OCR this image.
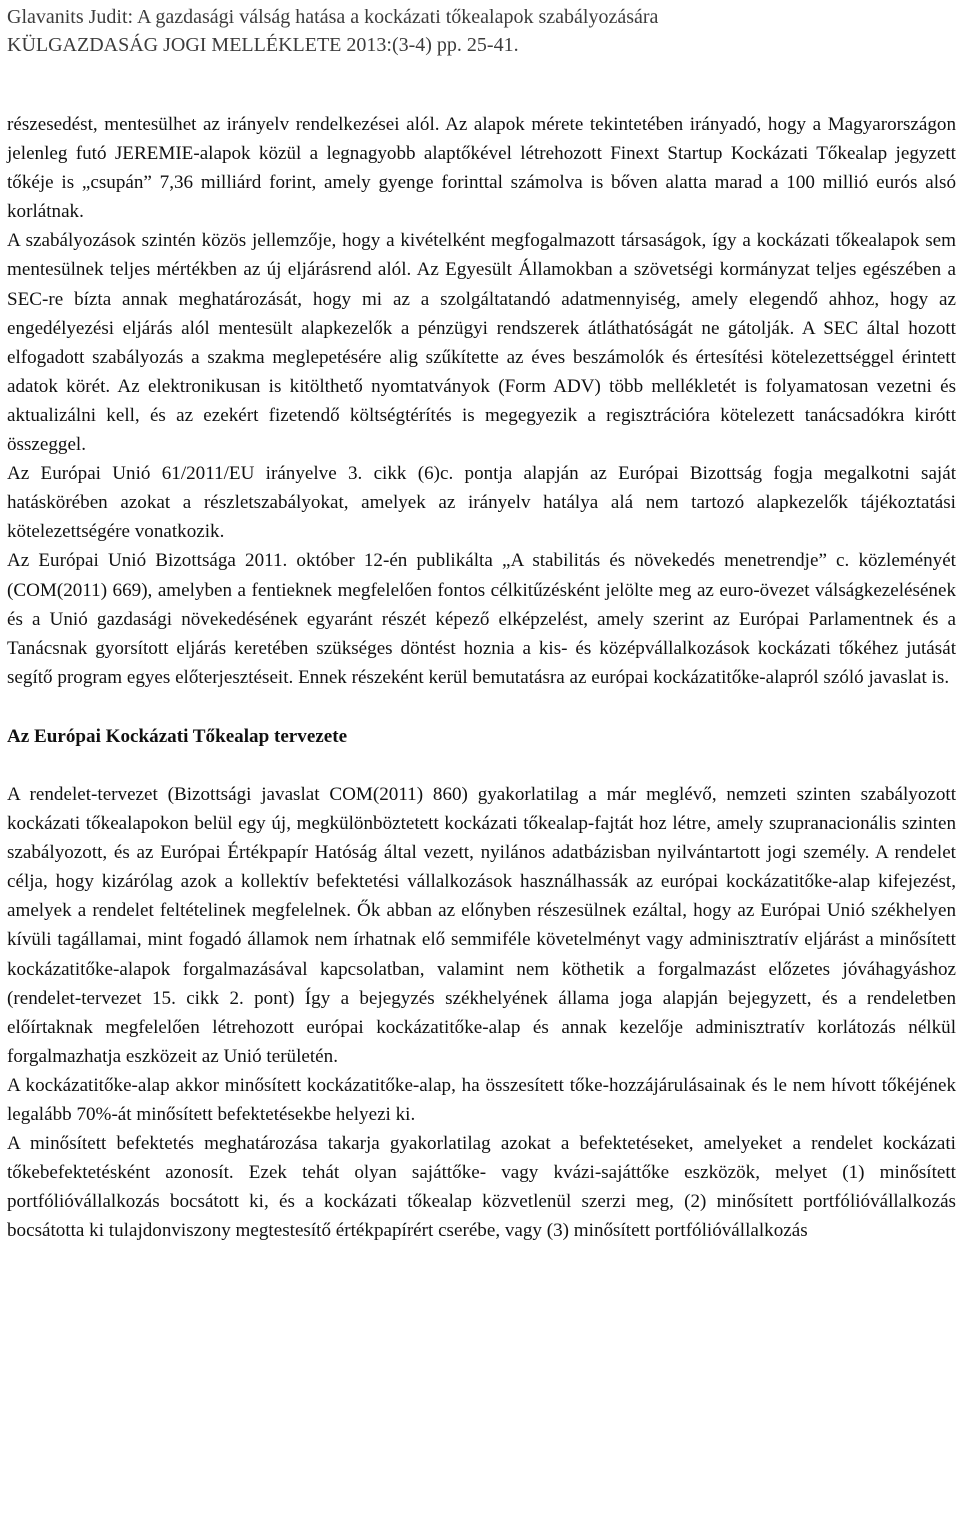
Glavanits Judit: A gazdasági válság hatása a kockázati tőkealapok szabályozására
KÜLGAZDASÁG JOGI MELLÉKLETE 2013:(3-4) pp. 25-41.

részesedést, mentesülhet az irányelv rendelkezései alól. Az alapok mérete tekintetében irányadó, hogy a Magyarországon jelenleg futó JEREMIE-alapok közül a legnagyobb alaptőkével létrehozott Finext Startup Kockázati Tőkealap jegyzett tőkéje is „csupán” 7,36 milliárd forint, amely gyenge forinttal számolva is bőven alatta marad a 100 millió eurós alsó korlátnak.

A szabályozások szintén közös jellemzője, hogy a kivételként megfogalmazott társaságok, így a kockázati tőkealapok sem mentesülnek teljes mértékben az új eljárásrend alól. Az Egyesült Államokban a szövetségi kormányzat teljes egészében a SEC-re bízta annak meghatározását, hogy mi az a szolgáltatandó adatmennyiség, amely elegendő ahhoz, hogy az engedélyezési eljárás alól mentesült alapkezelők a pénzügyi rendszerek átláthatóságát ne gátolják. A SEC által hozott elfogadott szabályozás a szakma meglepetésére alig szűkítette az éves beszámolók és értesítési kötelezettséggel érintett adatok körét. Az elektronikusan is kitölthető nyomtatványok (Form ADV) több mellékletét is folyamatosan vezetni és aktualizálni kell, és az ezekért fizetendő költségtérítés is megegyezik a regisztrációra kötelezett tanácsadókra kirótt összeggel.

Az Európai Unió 61/2011/EU irányelve 3. cikk (6)c. pontja alapján az Európai Bizottság fogja megalkotni saját hatáskörében azokat a részletszabályokat, amelyek az irányelv hatálya alá nem tartozó alapkezelők tájékoztatási kötelezettségére vonatkozik.

Az Európai Unió Bizottsága 2011. október 12-én publikálta „A stabilitás és növekedés menetrendje” c. közleményét (COM(2011) 669), amelyben a fentieknek megfelelően fontos célkitűzésként jelölte meg az euro-övezet válságkezelésének és a Unió gazdasági növekedésének egyaránt részét képező elképzelést, amely szerint az Európai Parlamentnek és a Tanácsnak gyorsított eljárás keretében szükséges döntést hoznia a kis- és középvállalkozások kockázati tőkéhez jutását segítő program egyes előterjesztéseit. Ennek részeként kerül bemutatásra az európai kockázatitőke-alapról szóló javaslat is.

Az Európai Kockázati Tőkealap tervezete

A rendelet-tervezet (Bizottsági javaslat COM(2011) 860) gyakorlatilag a már meglévő, nemzeti szinten szabályozott kockázati tőkealapokon belül egy új, megkülönböztetett kockázati tőkealap-fajtát hoz létre, amely szupranacionális szinten szabályozott, és az Európai Értékpapír Hatóság által vezett, nyilános adatbázisban nyilvántartott jogi személy. A rendelet célja, hogy kizárólag azok a kollektív befektetési vállalkozások használhassák az európai kockázatitőke-alap kifejezést, amelyek a rendelet feltételinek megfelelnek. Ők abban az előnyben részesülnek ezáltal, hogy az Európai Unió székhelyen kívüli tagállamai, mint fogadó államok nem írhatnak elő semmiféle követelményt vagy adminisztratív eljárást a minősített kockázatitőke-alapok forgalmazásával kapcsolatban, valamint nem köthetik a forgalmazást előzetes jóváhagyáshoz (rendelet-tervezet 15. cikk 2. pont) Így a bejegyzés székhelyének állama joga alapján bejegyzett, és a rendeletben előírtaknak megfelelően létrehozott európai kockázatitőke-alap és annak kezelője adminisztratív korlátozás nélkül forgalmazhatja eszközeit az Unió területén.

A kockázatitőke-alap akkor minősített kockázatitőke-alap, ha összesített tőke-hozzájárulásainak és le nem hívott tőkéjének legalább 70%-át minősített befektetésekbe helyezi ki.

A minősített befektetés meghatározása takarja gyakorlatilag azokat a befektetéseket, amelyeket a rendelet kockázati tőkebefektetésként azonosít. Ezek tehát olyan sajáttőke- vagy kvázi-sajáttőke eszközök, melyet (1) minősített portfólióvállalkozás bocsátott ki, és a kockázati tőkealap közvetlenül szerzi meg, (2) minősített portfólióvállalkozás bocsátotta ki tulajdonviszony megtestesítő értékpapírért cserébe, vagy (3) minősített portfólióvállalkozás
